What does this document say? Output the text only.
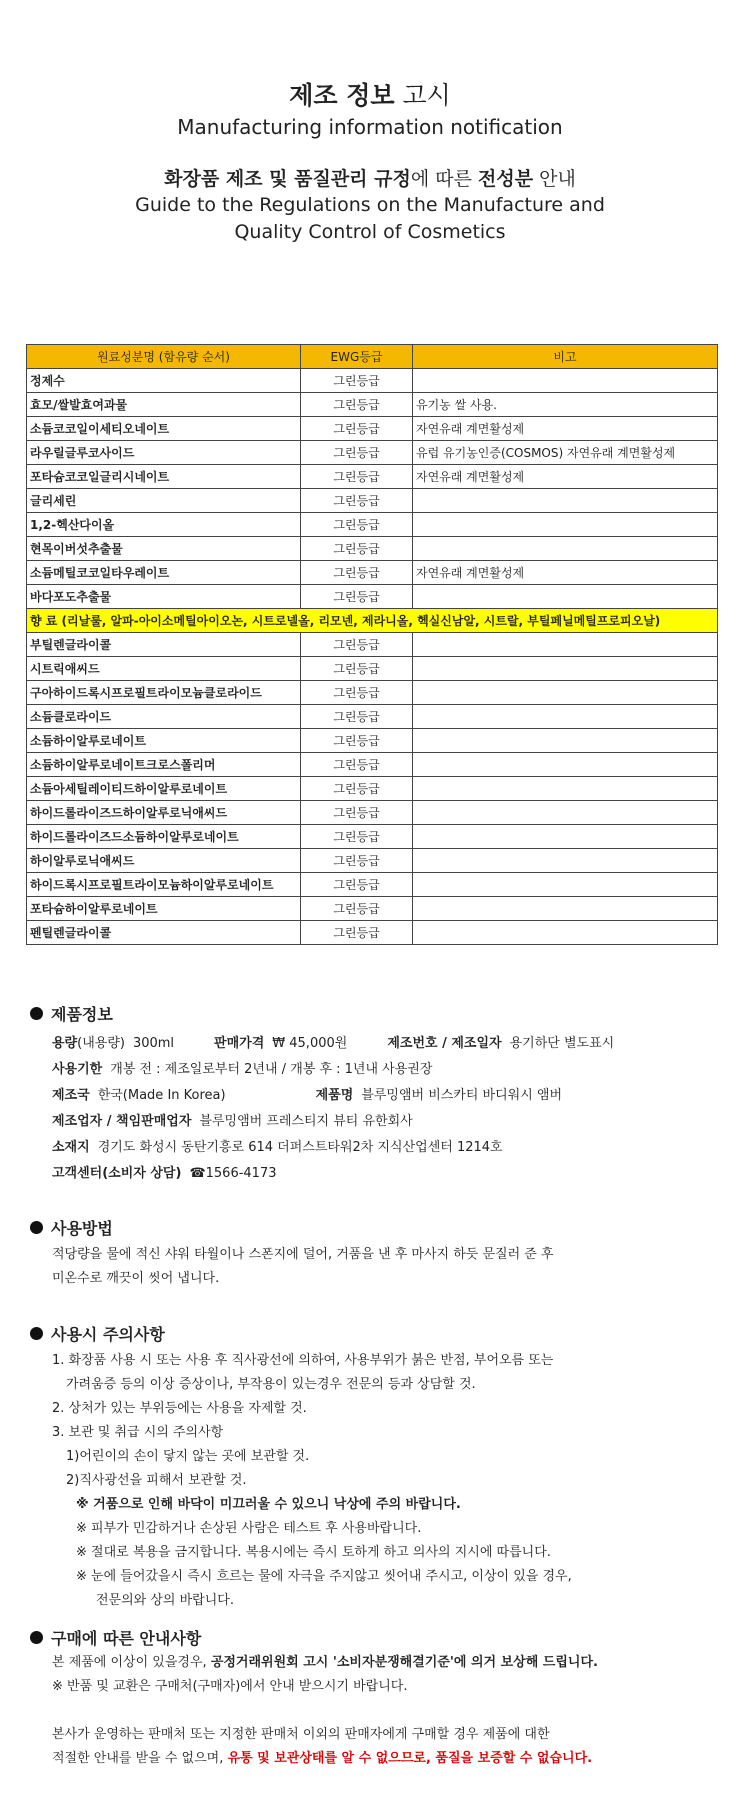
제조 정보 고시
Manufacturing information notification
화장품 제조 및 품질관리 규정에 따른 전성분 안내
Guide to the Regulations on the Manufacture and
Quality Control of Cosmetics
원료성분명 (함유량 순서)	EWG등급	비고
정제수	그린등급	
효모/쌀발효여과물	그린등급	유기농 쌀 사용.
소듐코코일이세티오네이트	그린등급	자연유래 계면활성제
라우릴글루코사이드	그린등급	유럽 유기농인증(COSMOS) 자연유래 계면활성제
포타슘코코일글리시네이트	그린등급	자연유래 계면활성제
글리세린	그린등급	
1,2-헥산다이올	그린등급	
현목이버섯추출물	그린등급	
소듐메틸코코일타우레이트	그린등급	자연유래 계면활성제
바다포도추출물	그린등급	
향 료 (리날룰, 알파-아이소메틸아이오논, 시트로넬올, 리모넨, 제라니올, 헥실신남알, 시트랄, 부틸페닐메틸프로피오날)		
부틸렌글라이콜	그린등급	
시트릭애씨드	그린등급	
구아하이드록시프로필트라이모늄클로라이드	그린등급	
소듐클로라이드	그린등급	
소듐하이알루로네이트	그린등급	
소듐하이알루로네이트크로스폴리머	그린등급	
소듐아세틸레이티드하이알루로네이트	그린등급	
하이드롤라이즈드하이알루로닉애씨드	그린등급	
하이드롤라이즈드소듐하이알루로네이트	그린등급	
하이알루로닉애씨드	그린등급	
하이드록시프로필트라이모늄하이알루로네이트	그린등급	
포타슘하이알루로네이트	그린등급	
펜틸렌글라이콜	그린등급	
제품정보
용량(내용량) 300ml	판매가격 ₩ 45,000원	제조번호 / 제조일자 용기하단 별도표시
사용기한 개봉 전 : 제조일로부터 2년내 / 개봉 후 : 1년내 사용권장
제조국 한국(Made In Korea)	제품명 블루밍앰버 비스카티 바디워시 앰버
제조업자 / 책임판매업자 블루밍앰버 프레스티지 뷰티 유한회사
소재지 경기도 화성시 동탄기흥로 614 더퍼스트타워2차 지식산업센터 1214호
고객센터(소비자 상담) ☎1566-4173
사용방법
적당량을 물에 적신 샤워 타월이나 스폰지에 덜어, 거품을 낸 후 마사지 하듯 문질러 준 후
미온수로 깨끗이 씻어 냅니다.
사용시 주의사항
1. 화장품 사용 시 또는 사용 후 직사광선에 의하여, 사용부위가 붉은 반점, 부어오름 또는
가려움증 등의 이상 증상이나, 부작용이 있는경우 전문의 등과 상담할 것.
2. 상처가 있는 부위등에는 사용을 자제할 것.
3. 보관 및 취급 시의 주의사항
1)어린이의 손이 닿지 않는 곳에 보관할 것.
2)직사광선을 피해서 보관할 것.
※ 거품으로 인해 바닥이 미끄러울 수 있으니 낙상에 주의 바랍니다.
※ 피부가 민감하거나 손상된 사람은 테스트 후 사용바랍니다.
※ 절대로 복용을 금지합니다. 복용시에는 즉시 토하게 하고 의사의 지시에 따릅니다.
※ 눈에 들어갔을시 즉시 흐르는 물에 자극을 주지않고 씻어내 주시고, 이상이 있을 경우,
전문의와 상의 바랍니다.
구매에 따른 안내사항
본 제품에 이상이 있을경우, 공정거래위원회 고시 '소비자분쟁해결기준'에 의거 보상해 드립니다.
※ 반품 및 교환은 구매처(구매자)에서 안내 받으시기 바랍니다.
본사가 운영하는 판매처 또는 지정한 판매처 이외의 판매자에게 구매할 경우 제품에 대한
적절한 안내를 받을 수 없으며, 유통 및 보관상태를 알 수 없으므로, 품질을 보증할 수 없습니다.
